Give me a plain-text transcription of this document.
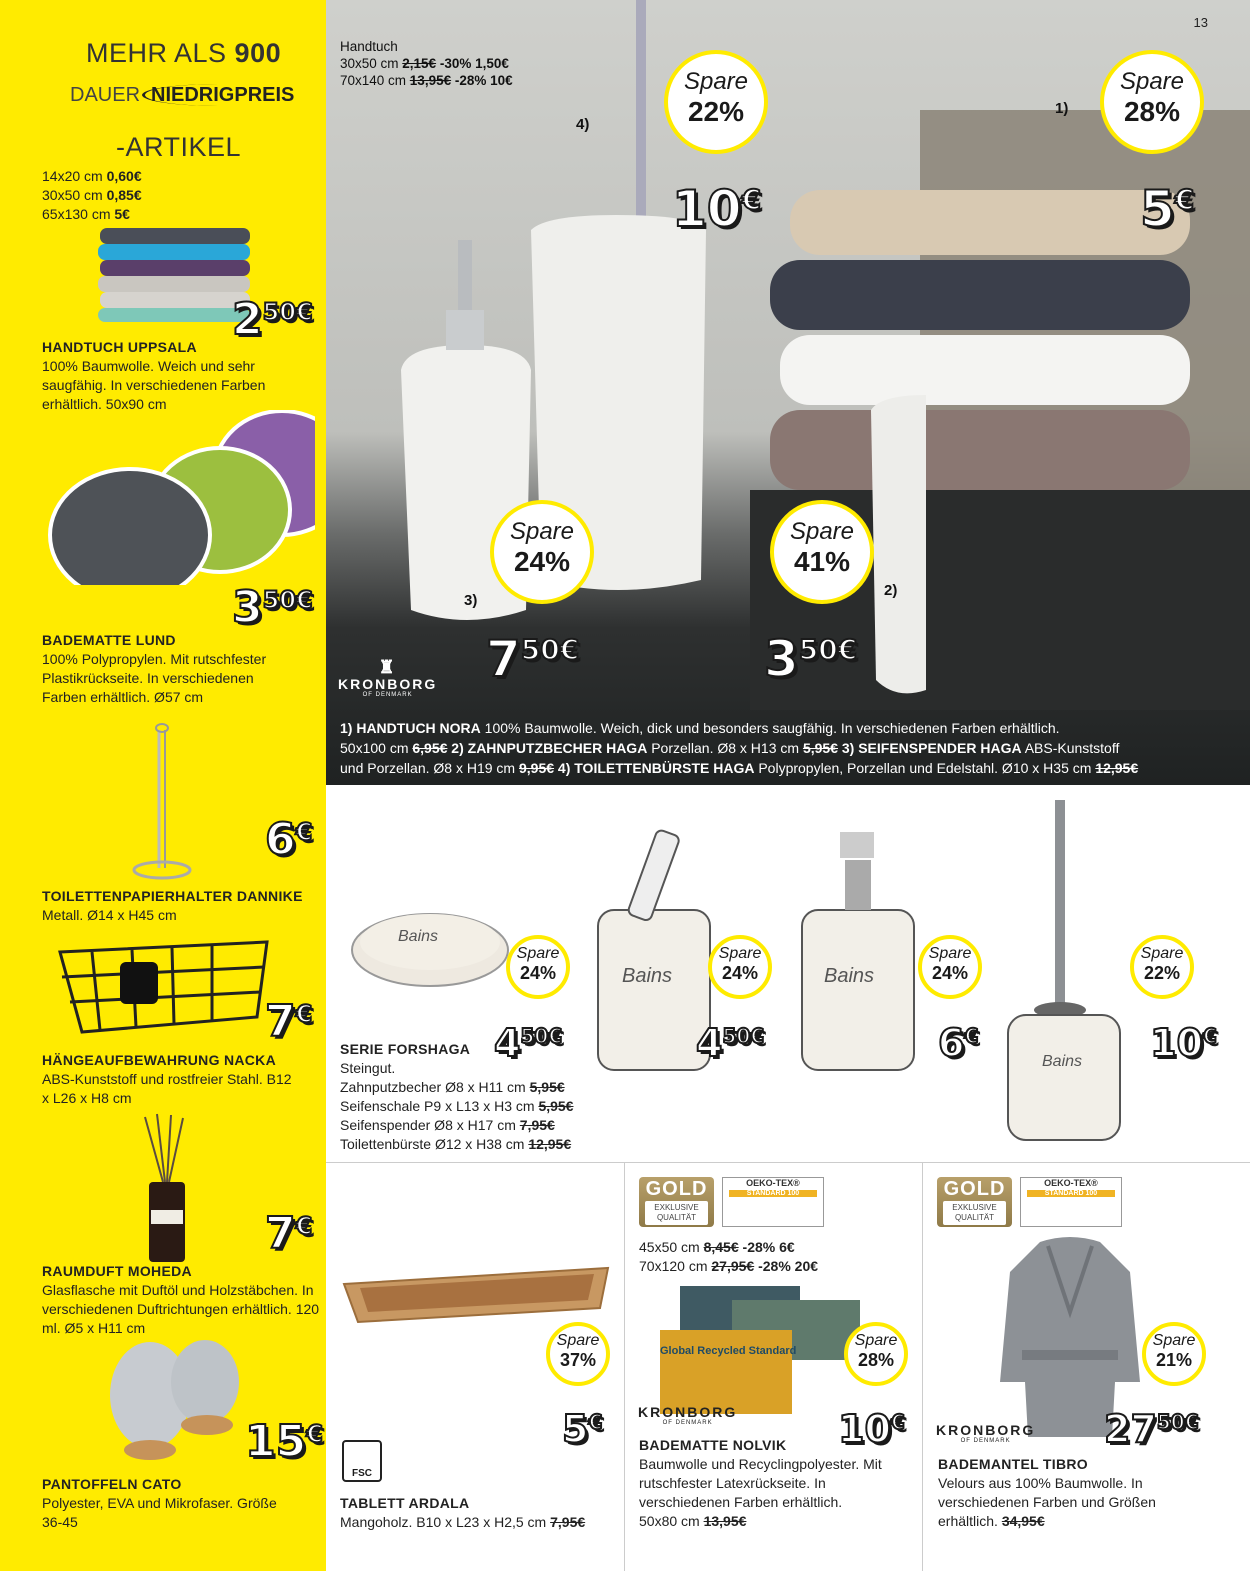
MEHR ALS 900
DAUER NIEDRIGPREIS
-ARTIKEL
14x20 cm 0,60€
30x50 cm 0,85€
65x130 cm 5€
250€
HANDTUCH UPPSALA
100% Baumwolle. Weich und sehr saugfähig. In verschiedenen Farben erhältlich. 50x90 cm
350€
BADEMATTE LUND
100% Polypropylen. Mit rutschfester Plastikrückseite. In verschiedenen Farben erhältlich. Ø57 cm
6€
TOILETTENPAPIERHALTER DANNIKE
Metall. Ø14 x H45 cm
7€
HÄNGEAUFBEWAHRUNG NACKA
ABS-Kunststoff und rostfreier Stahl. B12 x L26 x H8 cm
7€
RAUMDUFT MOHEDA
Glasflasche mit Duftöl und Holzstäbchen. In verschiedenen Duftrichtungen erhältlich. 120 ml. Ø5 x H11 cm
15€
PANTOFFELN CATO
Polyester, EVA und Mikrofaser. Größe 36-45
Handtuch
30x50 cm 2,15€ -30% 1,50€
70x140 cm 13,95€ -28% 10€
13
1)
2)
3)
4)
Spare
22%
10€
Spare
28%
5€
Spare
24%
750€
Spare
41%
350€
♜
KRONBORG
OF DENMARK
1) HANDTUCH NORA 100% Baumwolle. Weich, dick und besonders saugfähig. In verschiedenen Farben erhältlich.
50x100 cm 6,95€ 2) ZAHNPUTZBECHER HAGA Porzellan. Ø8 x H13 cm 5,95€ 3) SEIFENSPENDER HAGA ABS-Kunststoff
und Porzellan. Ø8 x H19 cm 9,95€ 4) TOILETTENBÜRSTE HAGA Polypropylen, Porzellan und Edelstahl. Ø10 x H35 cm 12,95€
Bains
Bains	Bains
Bains
Spare
24%
Spare
24%
Spare
24%
Spare
22%
450€	450€	6€	10€
SERIE FORSHAGA
Steingut.
Zahnputzbecher Ø8 x H11 cm 5,95€
Seifenschale P9 x L13 x H3 cm 5,95€
Seifenspender Ø8 x H17 cm 7,95€
Toilettenbürste Ø12 x H38 cm 12,95€
Spare
37%
5€
FSC
TABLETT ARDALA
Mangoholz. B10 x L23 x H2,5 cm 7,95€
GOLD
EXKLUSIVE QUALITÄT
OEKO-TEX®
STANDARD 100
45x50 cm 8,45€ -28% 6€
70x120 cm 27,95€ -28% 20€
Global Recycled Standard
KRONBORG
OF DENMARK
Spare
28%
10€
BADEMATTE NOLVIK
Baumwolle und Recyclingpolyester. Mit rutschfester Latexrückseite. In verschiedenen Farben erhältlich.
50x80 cm 13,95€
GOLD
EXKLUSIVE QUALITÄT
OEKO-TEX®
STANDARD 100
KRONBORG
OF DENMARK
Spare
21%
2750€
BADEMANTEL TIBRO
Velours aus 100% Baumwolle. In verschiedenen Farben und Größen erhältlich. 34,95€
